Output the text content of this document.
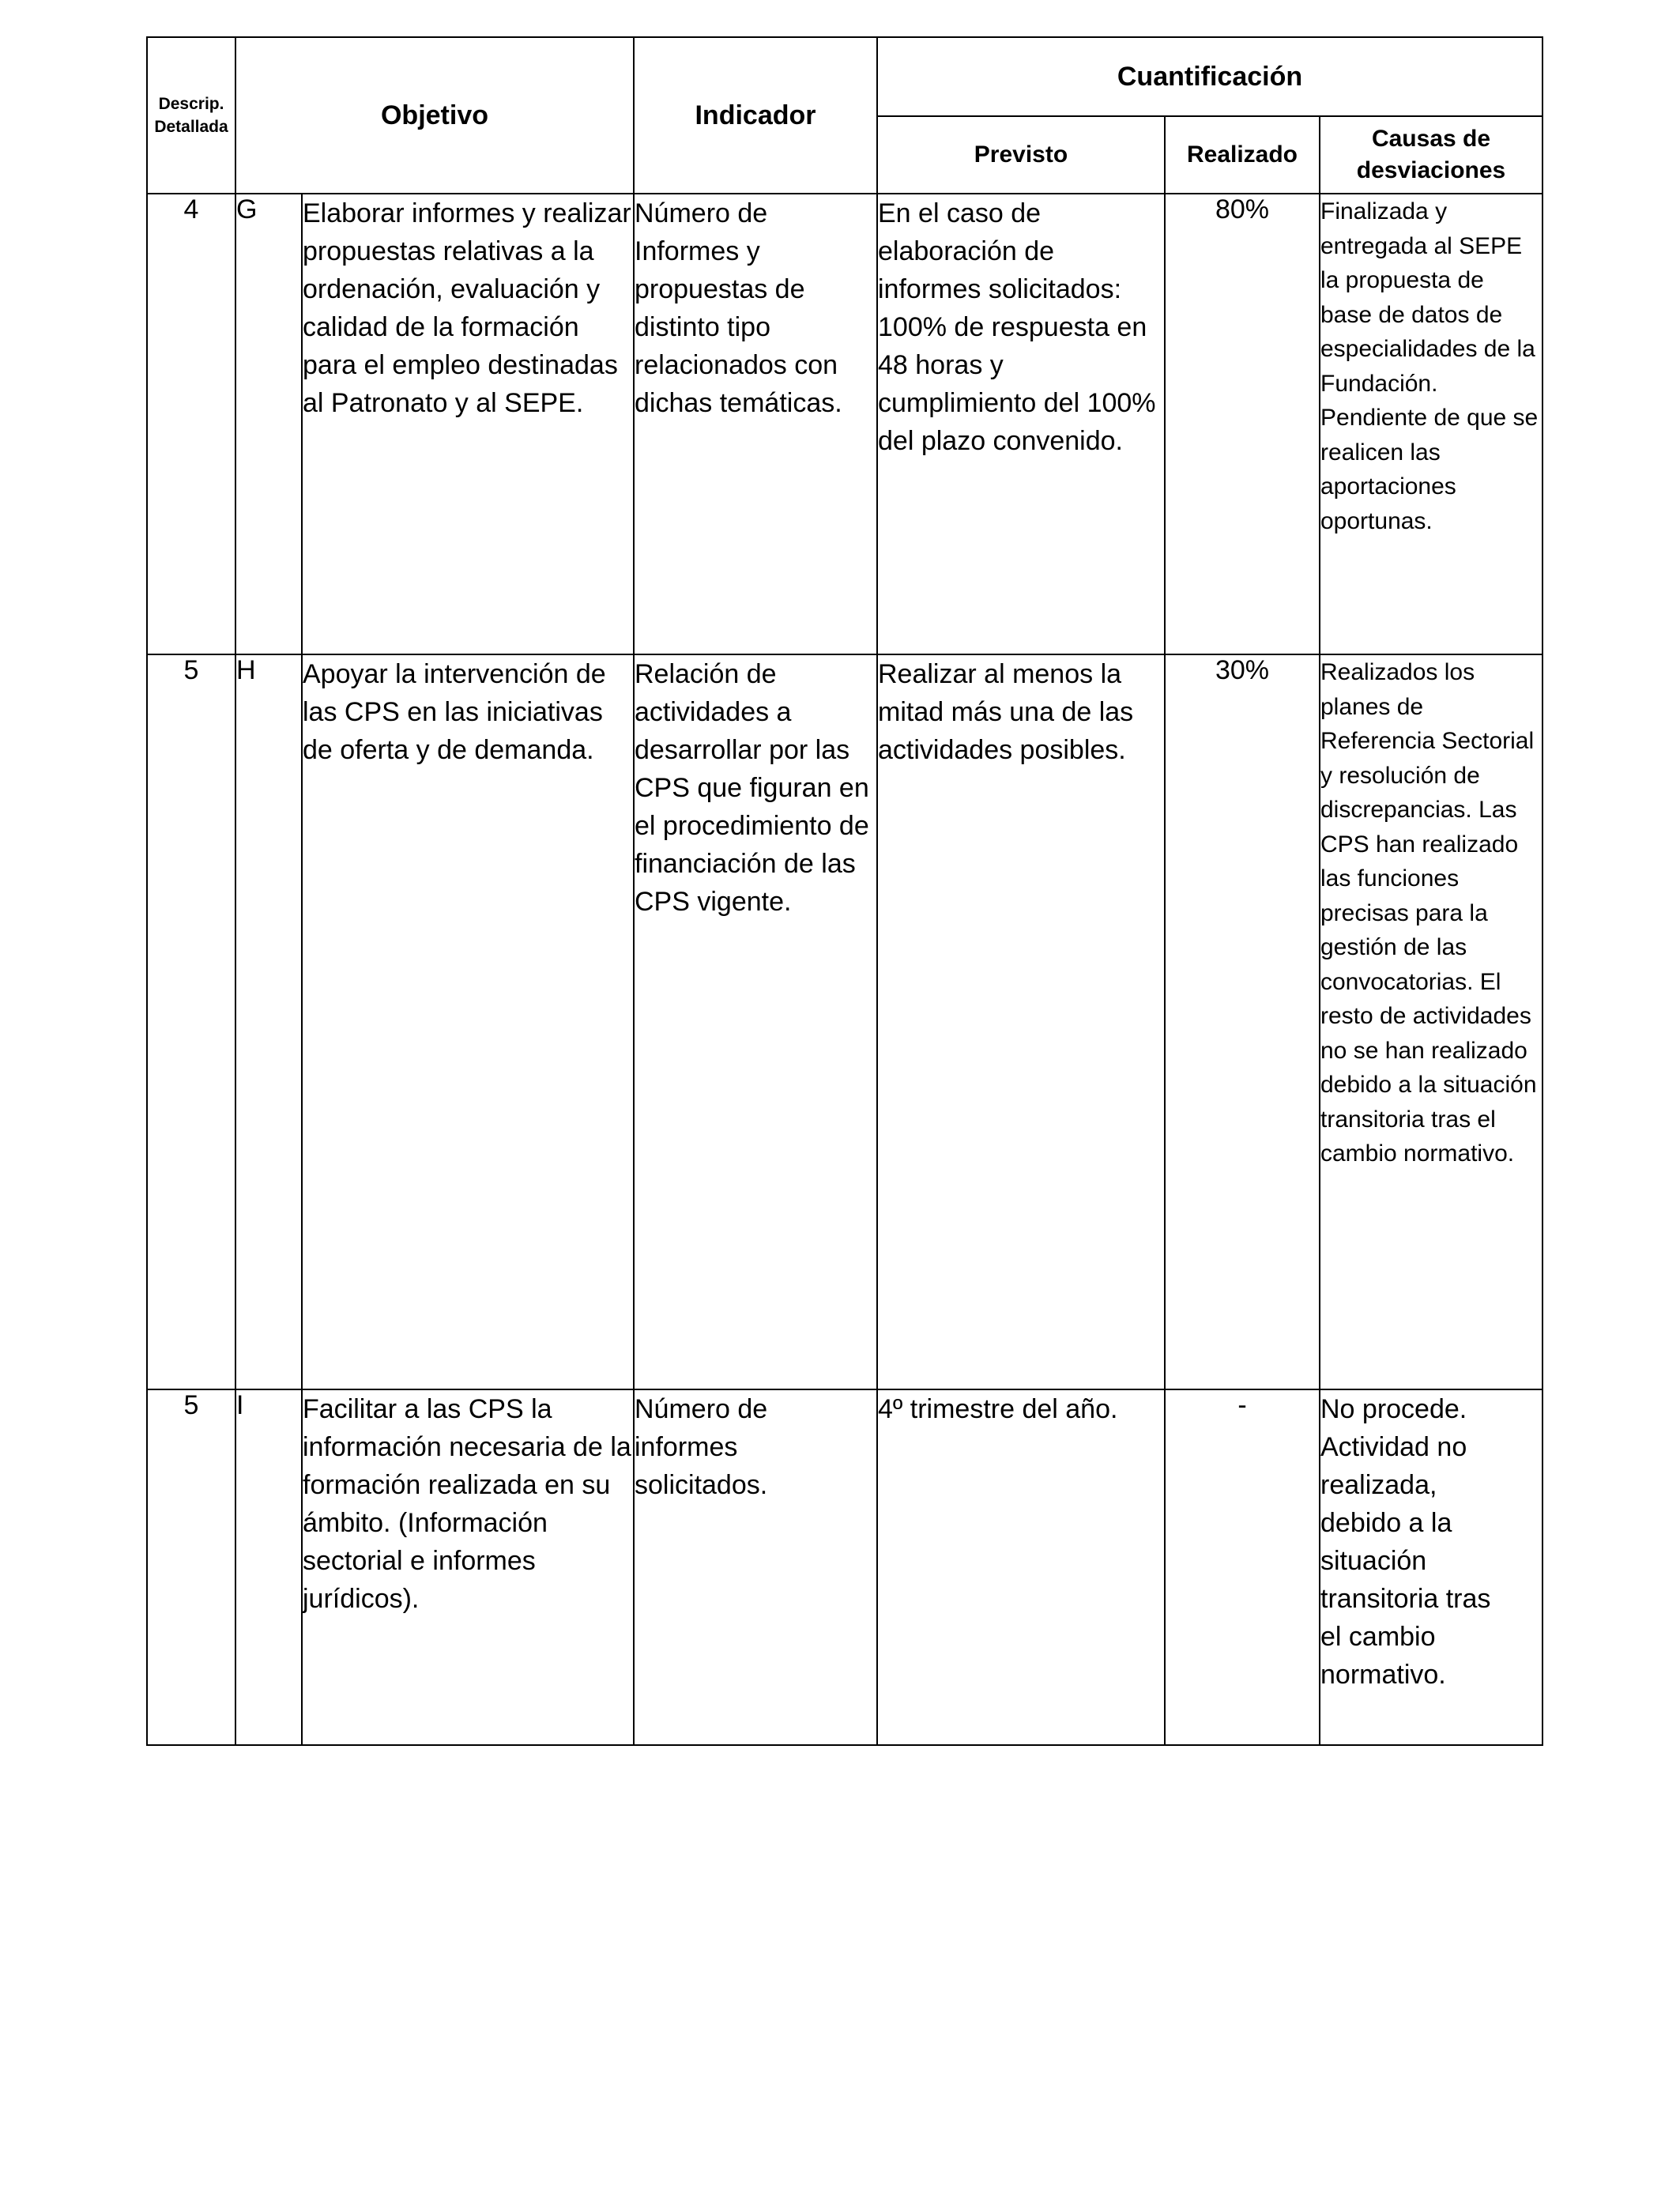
Descrip. Detallada	Objetivo		Indicador	Cuantificación		
				Previsto	Realizado	Causas de desviaciones
4	G	Elaborar informes y realizar propuestas relativas a la ordenación, evaluación y calidad de la formación para el empleo destinadas al Patronato y al SEPE.	Número de Informes y propuestas de distinto tipo relacionados con dichas temáticas.	En el caso de elaboración de informes solicitados: 100% de respuesta en 48 horas y cumplimiento del 100% del plazo convenido.	80%	Finalizada y entregada al SEPE la propuesta de base de datos de especialidades de la Fundación. Pendiente de que se realicen las aportaciones oportunas.
5	H	Apoyar la intervención de las CPS en las iniciativas de oferta y de demanda.	Relación de actividades a desarrollar por las CPS que figuran en el procedimiento de financiación de las CPS vigente.	Realizar al menos la mitad más una de las actividades posibles.	30%	Realizados los planes de Referencia Sectorial y resolución de discrepancias. Las CPS han realizado las funciones precisas para la gestión de las convocatorias. El resto de actividades no se han realizado debido a la situación transitoria tras el cambio normativo.
5	I	Facilitar a las CPS la información necesaria de la formación realizada en su ámbito. (Información sectorial e informes jurídicos).	Número de informes solicitados.	4º trimestre del año.	-	No procede. Actividad no realizada, debido a la situación transitoria tras el cambio normativo.
